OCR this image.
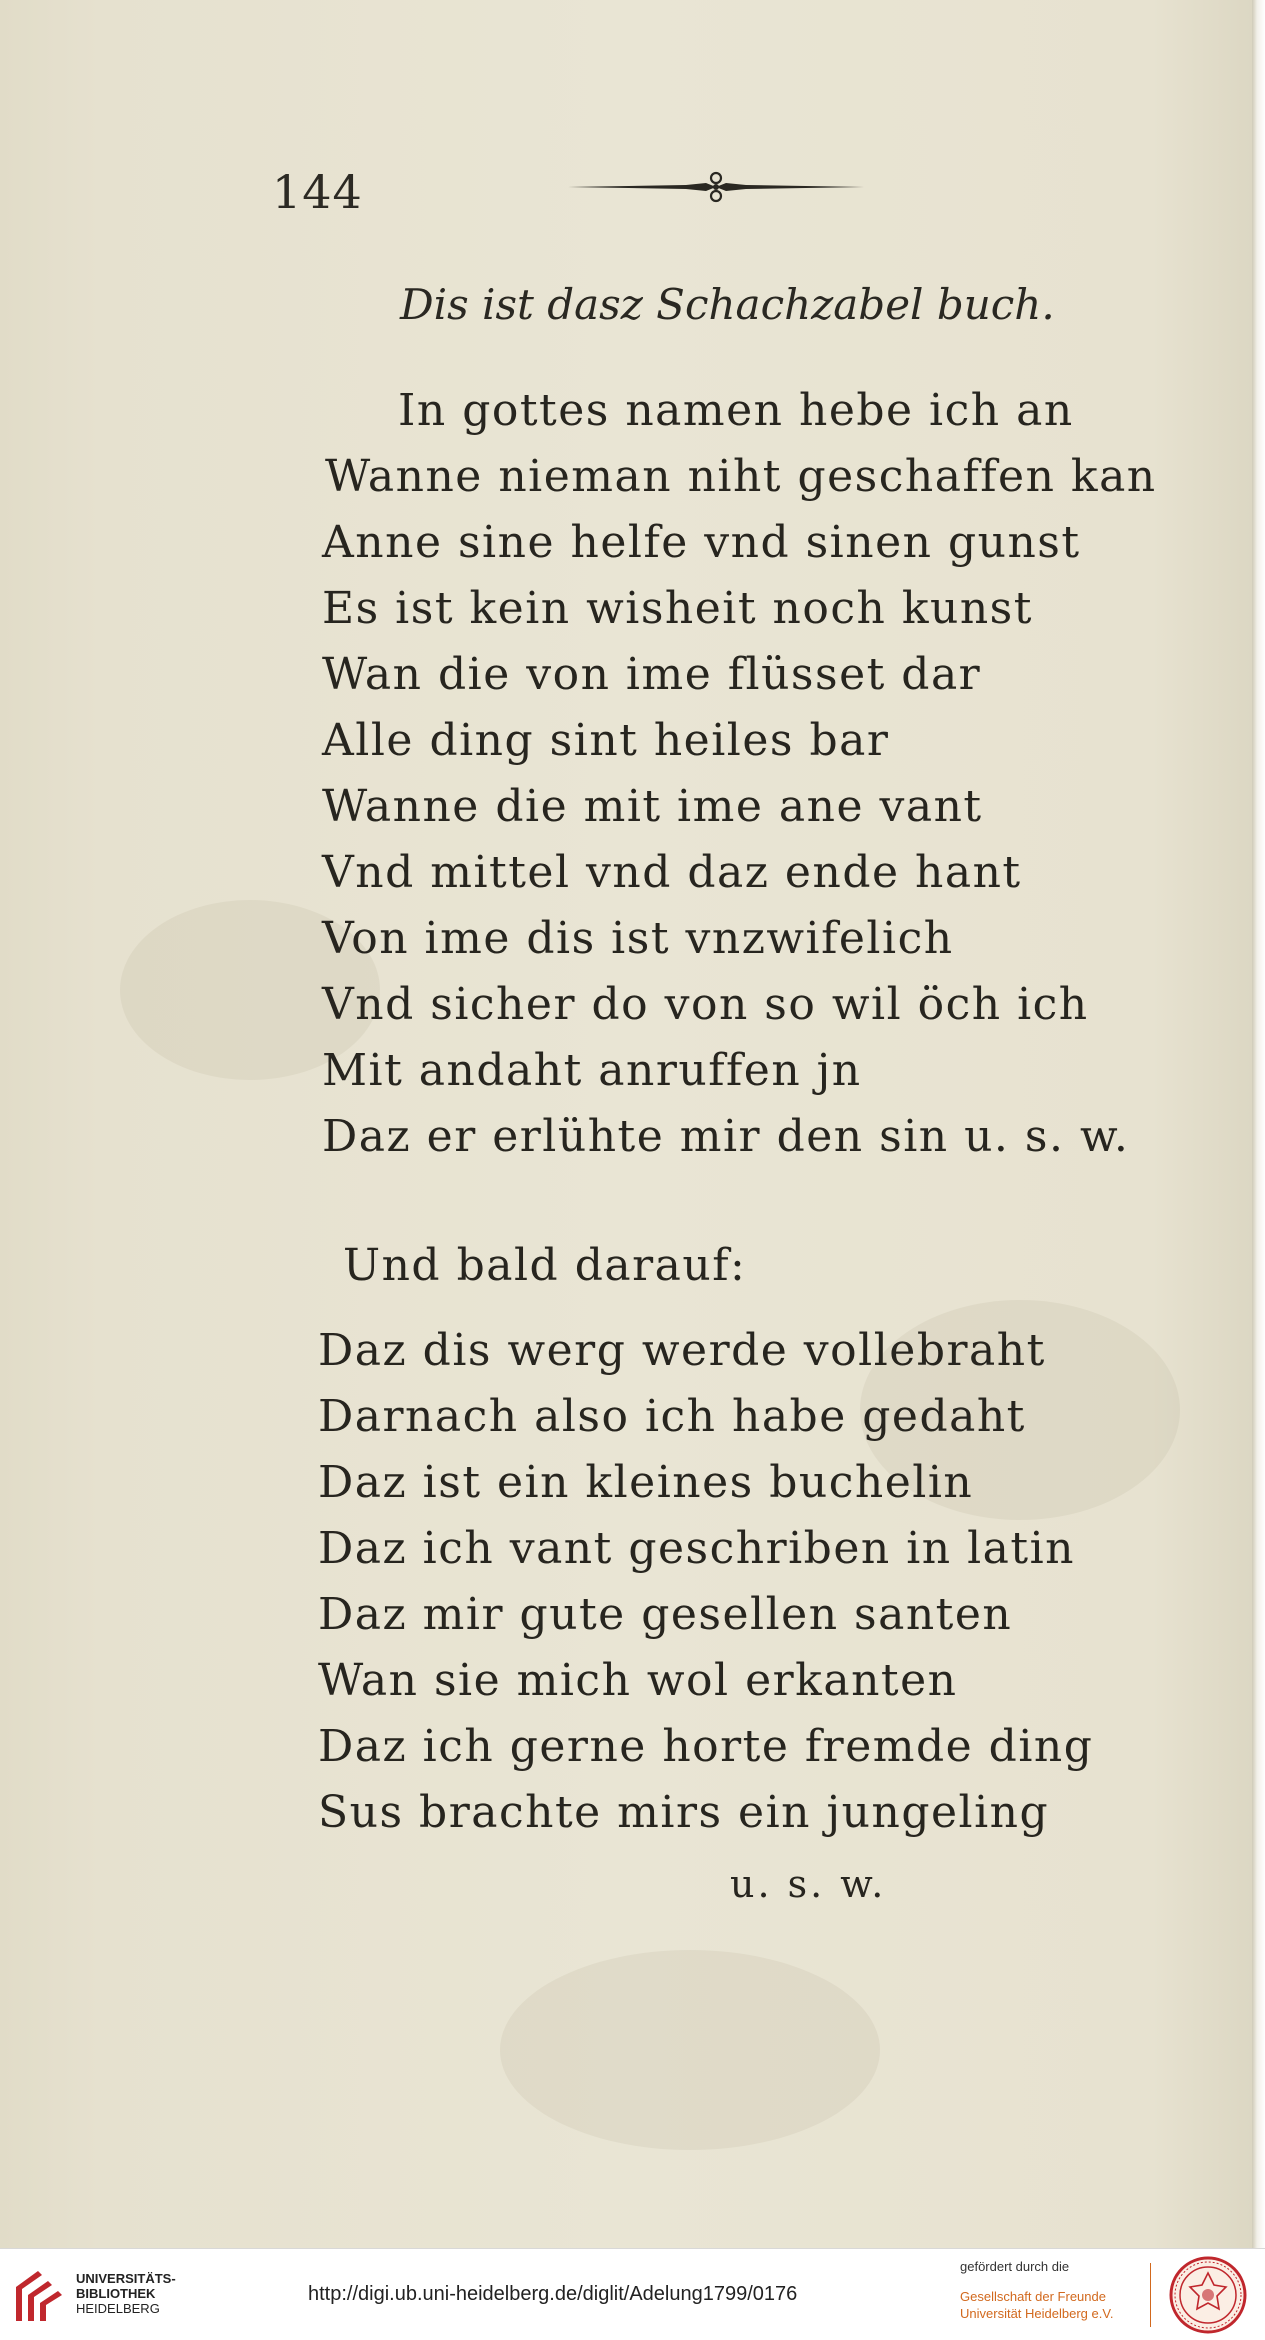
144
Dis ist dasz Schachzabel buch.
In gottes namen hebe ich an
Wanne nieman niht geschaffen kan
Anne sine helfe vnd sinen gunst
Es ist kein wisheit noch kunst
Wan die von ime flüsset dar
Alle ding sint heiles bar
Wanne die mit ime ane vant
Vnd mittel vnd daz ende hant
Von ime dis ist vnzwifelich
Vnd sicher do von so wil öch ich
Mit andaht anruffen jn
Daz er erlühte mir den sin u. s. w.
Und bald darauf:
Daz dis werg werde vollebraht
Darnach also ich habe gedaht
Daz ist ein kleines buchelin
Daz ich vant geschriben in latin
Daz mir gute gesellen santen
Wan sie mich wol erkanten
Daz ich gerne horte fremde ding
Sus brachte mirs ein jungeling
u. s. w.
UNIVERSITÄTS-
BIBLIOTHEK
HEIDELBERG
http://digi.ub.uni-heidelberg.de/diglit/Adelung1799/0176
gefördert durch die
Gesellschaft der Freunde
Universität Heidelberg e.V.
